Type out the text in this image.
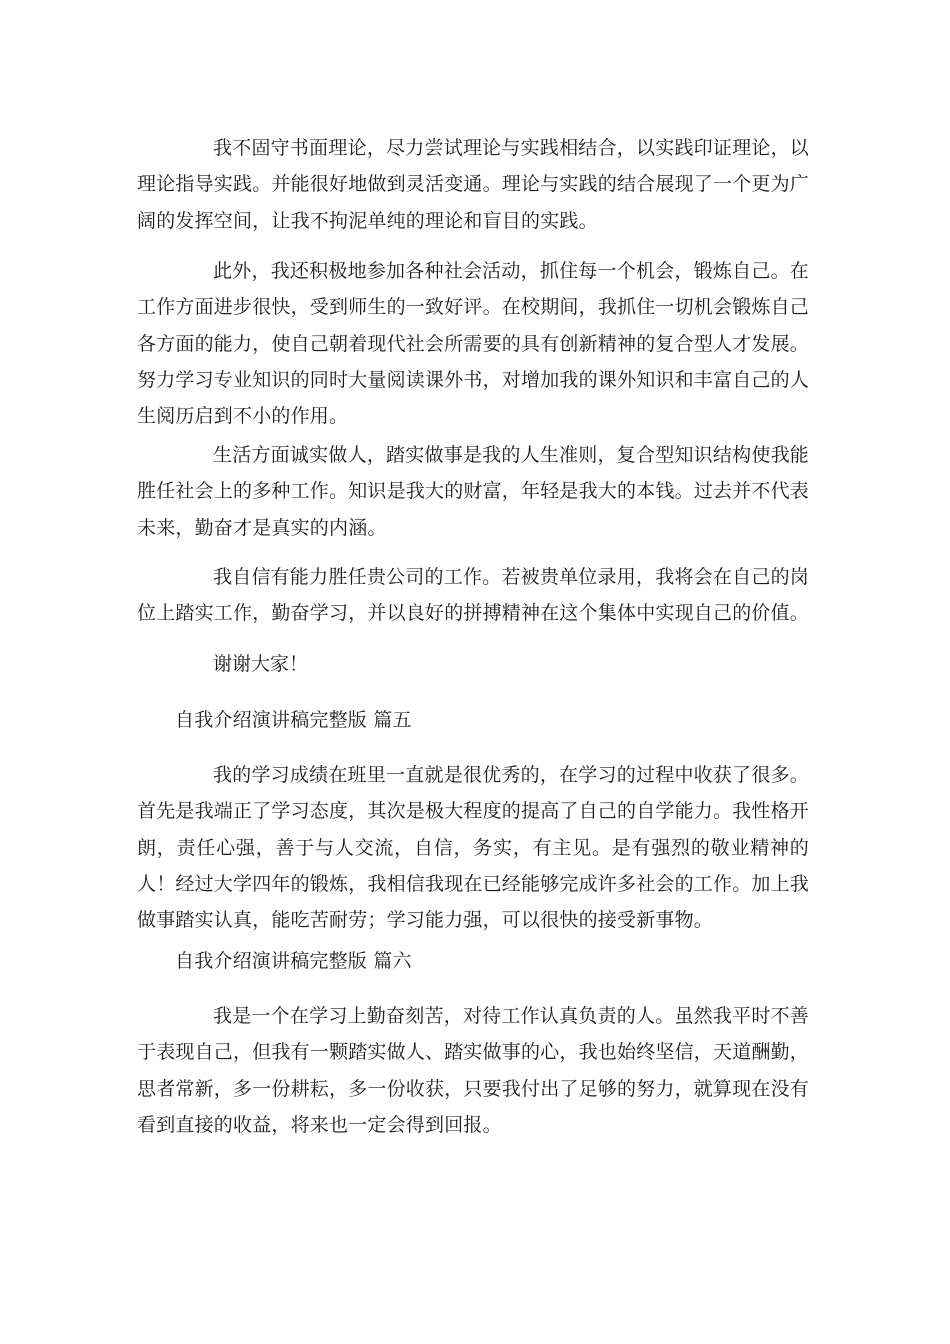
我不固守书面理论，尽力尝试理论与实践相结合，以实践印证理论，以理论指导实践。并能很好地做到灵活变通。理论与实践的结合展现了一个更为广阔的发挥空间，让我不拘泥单纯的理论和盲目的实践。

此外，我还积极地参加各种社会活动，抓住每一个机会，锻炼自己。在工作方面进步很快，受到师生的一致好评。在校期间，我抓住一切机会锻炼自己各方面的能力，使自己朝着现代社会所需要的具有创新精神的复合型人才发展。努力学习专业知识的同时大量阅读课外书，对增加我的课外知识和丰富自己的人生阅历启到不小的作用。

生活方面诚实做人，踏实做事是我的人生准则，复合型知识结构使我能胜任社会上的多种工作。知识是我大的财富，年轻是我大的本钱。过去并不代表未来，勤奋才是真实的内涵。

我自信有能力胜任贵公司的工作。若被贵单位录用，我将会在自己的岗位上踏实工作，勤奋学习，并以良好的拼搏精神在这个集体中实现自己的价值。

谢谢大家！

自我介绍演讲稿完整版 篇五

我的学习成绩在班里一直就是很优秀的，在学习的过程中收获了很多。首先是我端正了学习态度，其次是极大程度的提高了自己的自学能力。我性格开朗，责任心强，善于与人交流，自信，务实，有主见。是有强烈的敬业精神的人！经过大学四年的锻炼，我相信我现在已经能够完成许多社会的工作。加上我做事踏实认真，能吃苦耐劳；学习能力强，可以很快的接受新事物。

自我介绍演讲稿完整版 篇六

我是一个在学习上勤奋刻苦，对待工作认真负责的人。虽然我平时不善于表现自己，但我有一颗踏实做人、踏实做事的心，我也始终坚信，天道酬勤，思者常新，多一份耕耘，多一份收获，只要我付出了足够的努力，就算现在没有看到直接的收益，将来也一定会得到回报。
